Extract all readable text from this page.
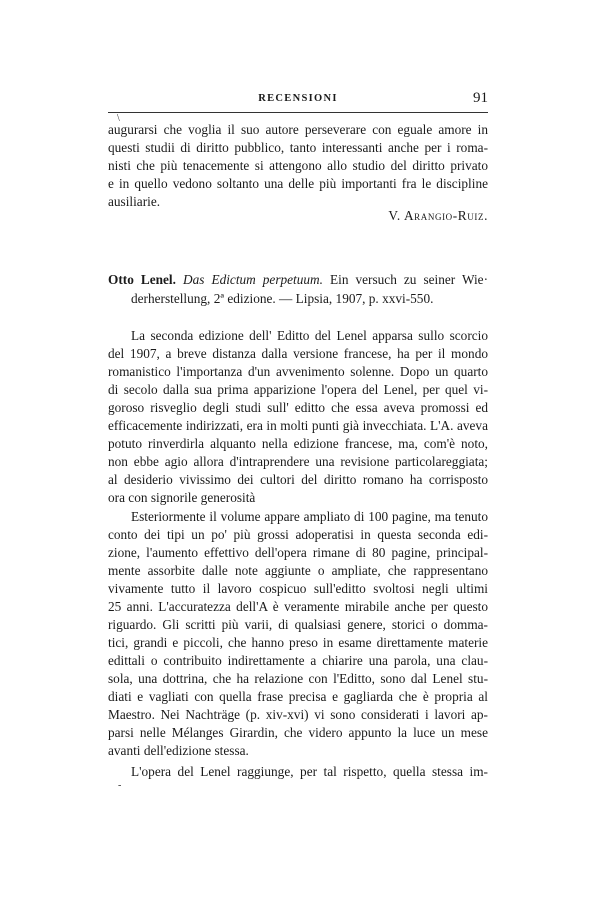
RECENSIONI	91
\
augurarsi che voglia il suo autore perseverare con eguale amore in
questi studii di diritto pubblico, tanto interessanti anche per i roma-
nisti che più tenacemente si attengono allo studio del diritto privato
e in quello vedono soltanto una delle più importanti fra le discipline
ausiliarie.
V. Arangio-Ruiz.
Otto Lenel. Das Edictum perpetuum. Ein versuch zu seiner Wie·
derherstellung, 2ª edizione. — Lipsia, 1907, p. xxvi-550.
La seconda edizione dell' Editto del Lenel apparsa sullo scorcio
del 1907, a breve distanza dalla versione francese, ha per il mondo
romanistico l'importanza d'un avvenimento solenne. Dopo un quarto
di secolo dalla sua prima apparizione l'opera del Lenel, per quel vi-
goroso risveglio degli studi sull' editto che essa aveva promossi ed
efficacemente indirizzati, era in molti punti già invecchiata. L'A. aveva
potuto rinverdirla alquanto nella edizione francese, ma, com'è noto,
non ebbe agio allora d'intraprendere una revisione particolareggiata;
al desiderio vivissimo dei cultori del diritto romano ha corrisposto
ora con signorile generosità
Esteriormente il volume appare ampliato di 100 pagine, ma tenuto
conto dei tipi un po' più grossi adoperatisi in questa seconda edi-
zione, l'aumento effettivo dell'opera rimane di 80 pagine, principal-
mente assorbite dalle note aggiunte o ampliate, che rappresentano
vivamente tutto il lavoro cospicuo sull'editto svoltosi negli ultimi
25 anni. L'accuratezza dell'A è veramente mirabile anche per questo
riguardo. Gli scritti più varii, di qualsiasi genere, storici o domma-
tici, grandi e piccoli, che hanno preso in esame direttamente materie
edittali o contribuito indirettamente a chiarire una parola, una clau-
sola, una dottrina, che ha relazione con l'Editto, sono dal Lenel stu-
diati e vagliati con quella frase precisa e gagliarda che è propria al
Maestro. Nei Nachträge (p. xiv-xvi) vi sono considerati i lavori ap-
parsi nelle Mélanges Girardin, che videro appunto la luce un mese
avanti dell'edizione stessa.
L'opera del Lenel raggiunge, per tal rispetto, quella stessa im-
-
